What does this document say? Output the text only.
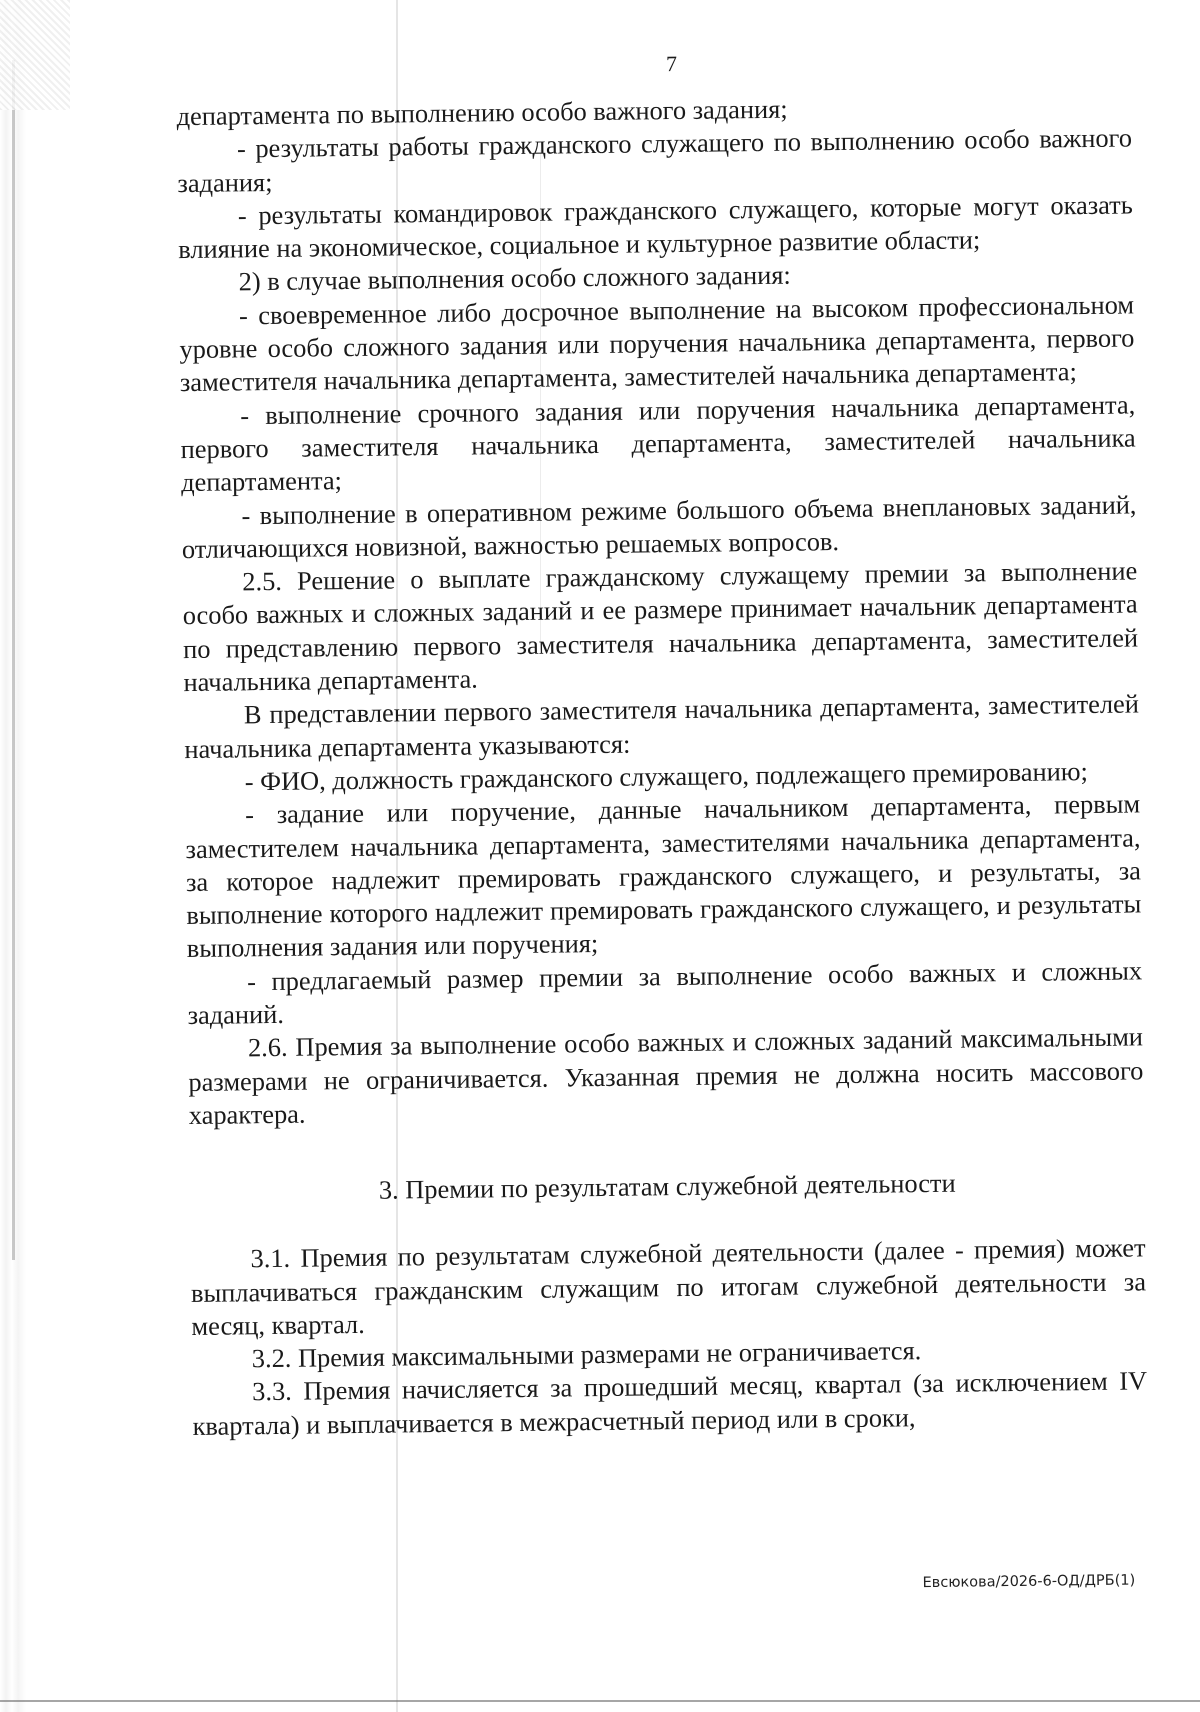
7

департамента по выполнению особо важного задания;

- результаты работы гражданского служащего по выполнению особо важного задания;

- результаты командировок гражданского служащего, которые могут оказать влияние на экономическое, социальное и культурное развитие области;

2) в случае выполнения особо сложного задания:

- своевременное либо досрочное выполнение на высоком профессиональном уровне особо сложного задания или поручения начальника департамента, первого заместителя начальника департамента, заместителей начальника департамента;

- выполнение срочного задания или поручения начальника департамента, первого заместителя начальника департамента, заместителей начальника департамента;

- выполнение в оперативном режиме большого объема внеплановых заданий, отличающихся новизной, важностью решаемых вопросов.

2.5. Решение о выплате гражданскому служащему премии за выполнение особо важных и сложных заданий и ее размере принимает начальник департамента по представлению первого заместителя начальника департамента, заместителей начальника департамента.

В представлении первого заместителя начальника департамента, заместителей начальника департамента указываются:

- ФИО, должность гражданского служащего, подлежащего премированию;

- задание или поручение, данные начальником департамента, первым заместителем начальника департамента, заместителями начальника департамента, за которое надлежит премировать гражданского служащего, и результаты, за выполнение которого надлежит премировать гражданского служащего, и результаты выполнения задания или поручения;

- предлагаемый размер премии за выполнение особо важных и сложных заданий.

2.6. Премия за выполнение особо важных и сложных заданий максимальными размерами не ограничивается. Указанная премия не должна носить массового характера.

3. Премии по результатам служебной деятельности

3.1. Премия по результатам служебной деятельности (далее - премия) может выплачиваться гражданским служащим по итогам служебной деятельности за месяц, квартал.

3.2. Премия максимальными размерами не ограничивается.

3.3. Премия начисляется за прошедший месяц, квартал (за исключением IV квартала) и выплачивается в межрасчетный период или в сроки,

Евсюкова/2026-6-ОД/ДРБ(1)
